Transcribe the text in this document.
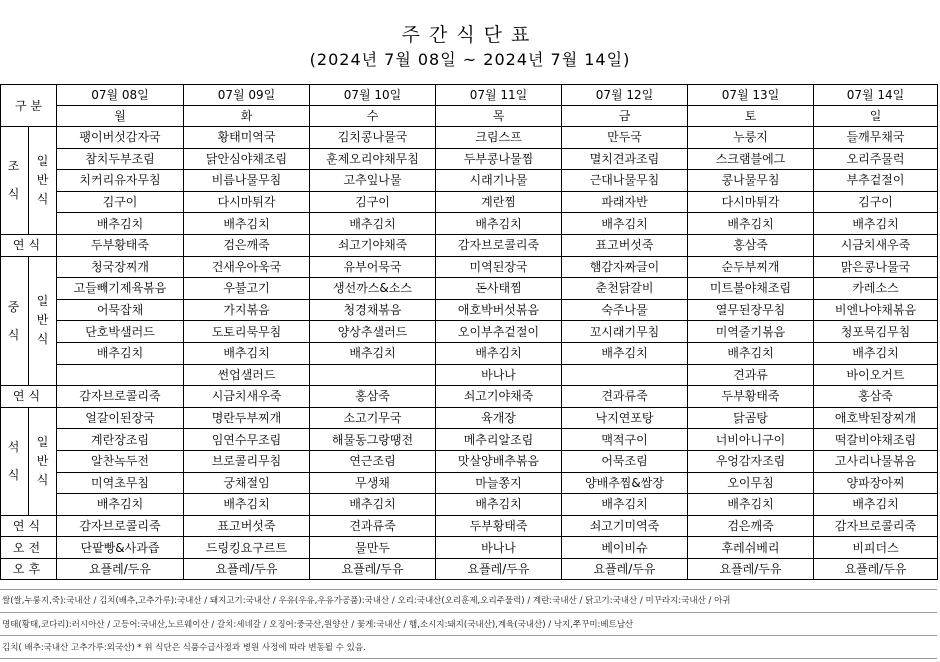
주간식단표
(2024년 7월 08일 ~ 2024년 7월 14일)
구 분		07월 08일	07월 09일	07월 10일	07월 11일	07월 12일	07월 13일	07월 14일
		월	화	수	목	금	토	일
조
식	일
반
식	팽이버섯감자국	황태미역국	김치콩나물국	크림스프	만두국	누룽지	들깨무채국
		참치두부조림	닭안심야채조림	훈제오리야채무침	두부콩나물찜	멸치견과조림	스크램블에그	오리주물럭
		치커리유자무침	비름나물무침	고추잎나물	시래기나물	근대나물무침	콩나물무침	부추겉절이
		김구이	다시마튀각	김구이	계란찜	파래자반	다시마튀각	김구이
		배추김치	배추김치	배추김치	배추김치	배추김치	배추김치	배추김치
연식		두부황태죽	검은깨죽	쇠고기야채죽	감자브로콜리죽	표고버섯죽	홍삼죽	시금치새우죽
중
식	일
반
식	청국장찌개	건새우아욱국	유부어묵국	미역된장국	햄감자짜글이	순두부찌개	맑은콩나물국
		고들빼기제육볶음	우불고기	생선까스&소스	돈사태찜	춘천닭갈비	미트볼야채조림	카레소스
		어묵잡채	가지볶음	청경채볶음	애호박버섯볶음	숙주나물	열무된장무침	비엔나야채볶음
		단호박샐러드	도토리묵무침	양상추샐러드	오이부추겉절이	꼬시래기무침	미역줄기볶음	청포묵김무침
		배추김치	배추김치	배추김치	배추김치	배추김치	배추김치	배추김치
			썬업샐러드		바나나		견과류	바이오거트
연식		감자브로콜리죽	시금치새우죽	홍삼죽	쇠고기야채죽	견과류죽	두부황태죽	홍삼죽
석
식	일
반
식	얼갈이된장국	명란두부찌개	소고기무국	육개장	낙지연포탕	닭곰탕	애호박된장찌개
		계란장조림	임연수무조림	해물동그랑땡전	메추리알조림	맥적구이	너비아니구이	떡갈비야채조림
		알찬녹두전	브로콜리무침	연근조림	맛살양배추볶음	어묵조림	우엉감자조림	고사리나물볶음
		미역초무침	궁채절임	무생채	마늘쫑지	양배추찜&쌈장	오이무침	양파장아찌
		배추김치	배추김치	배추김치	배추김치	배추김치	배추김치	배추김치
연식		감자브로콜리죽	표고버섯죽	견과류죽	두부황태죽	쇠고기미역죽	검은깨죽	감자브로콜리죽
오전		단팥빵&사과즙	드링킹요구르트	물만두	바나나	베이비슈	후레쉬베리	비피더스
오후		요플레/두유	요플레/두유	요플레/두유	요플레/두유	요플레/두유	요플레/두유	요플레/두유
쌀(쌀,누룽지,죽):국내산 / 김치(배추,고추가루):국내산 / 돼지고기:국내산 / 우유(우유,우유가공품):국내산 / 오리:국내산(오리훈제,오리주물럭) / 계란:국내산 / 닭고기:국내산 / 미꾸라지:국내산 / 아귀
명태(황태,코다리):러시아산 / 고등어:국내산,노르웨이산 / 갈치:세네갈 / 오징어:중국산,원양산 / 꽃게:국내산 / 햄,소시지:돼지(국내산),계육(국내산) / 낙지,쭈꾸미:베트남산
김치( 배추:국내산 고추가루:외국산) * 위 식단은 식품수급사정과 병원 사정에 따라 변동될 수 있음.
